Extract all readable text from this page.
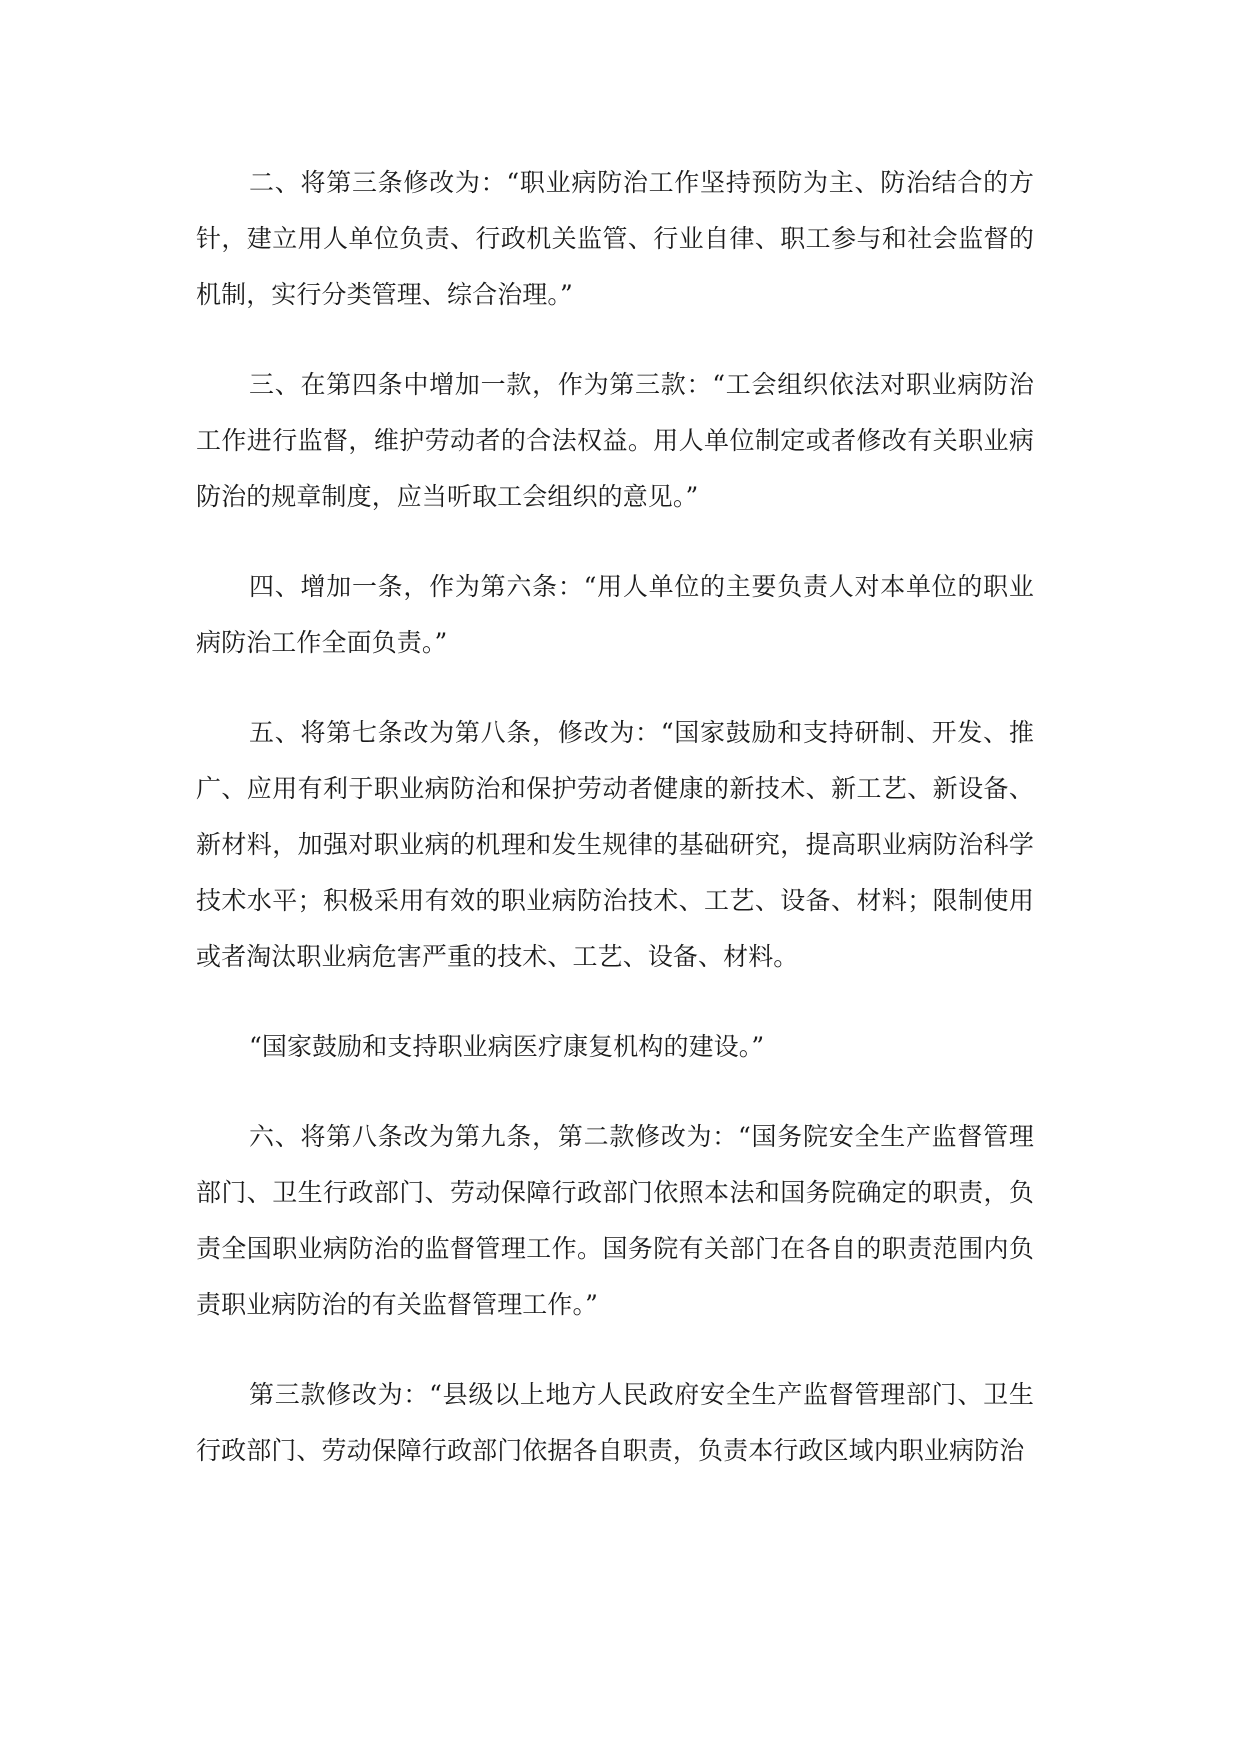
二、将第三条修改为：“职业病防治工作坚持预防为主、防治结合的方针，建立用人单位负责、行政机关监管、行业自律、职工参与和社会监督的机制，实行分类管理、综合治理。”

三、在第四条中增加一款，作为第三款：“工会组织依法对职业病防治工作进行监督，维护劳动者的合法权益。用人单位制定或者修改有关职业病防治的规章制度，应当听取工会组织的意见。”

四、增加一条，作为第六条：“用人单位的主要负责人对本单位的职业病防治工作全面负责。”

五、将第七条改为第八条，修改为：“国家鼓励和支持研制、开发、推广、应用有利于职业病防治和保护劳动者健康的新技术、新工艺、新设备、新材料，加强对职业病的机理和发生规律的基础研究，提高职业病防治科学技术水平；积极采用有效的职业病防治技术、工艺、设备、材料；限制使用或者淘汰职业病危害严重的技术、工艺、设备、材料。

“国家鼓励和支持职业病医疗康复机构的建设。”

六、将第八条改为第九条，第二款修改为：“国务院安全生产监督管理部门、卫生行政部门、劳动保障行政部门依照本法和国务院确定的职责，负责全国职业病防治的监督管理工作。国务院有关部门在各自的职责范围内负责职业病防治的有关监督管理工作。”

第三款修改为：“县级以上地方人民政府安全生产监督管理部门、卫生行政部门、劳动保障行政部门依据各自职责，负责本行政区域内职业病防治
